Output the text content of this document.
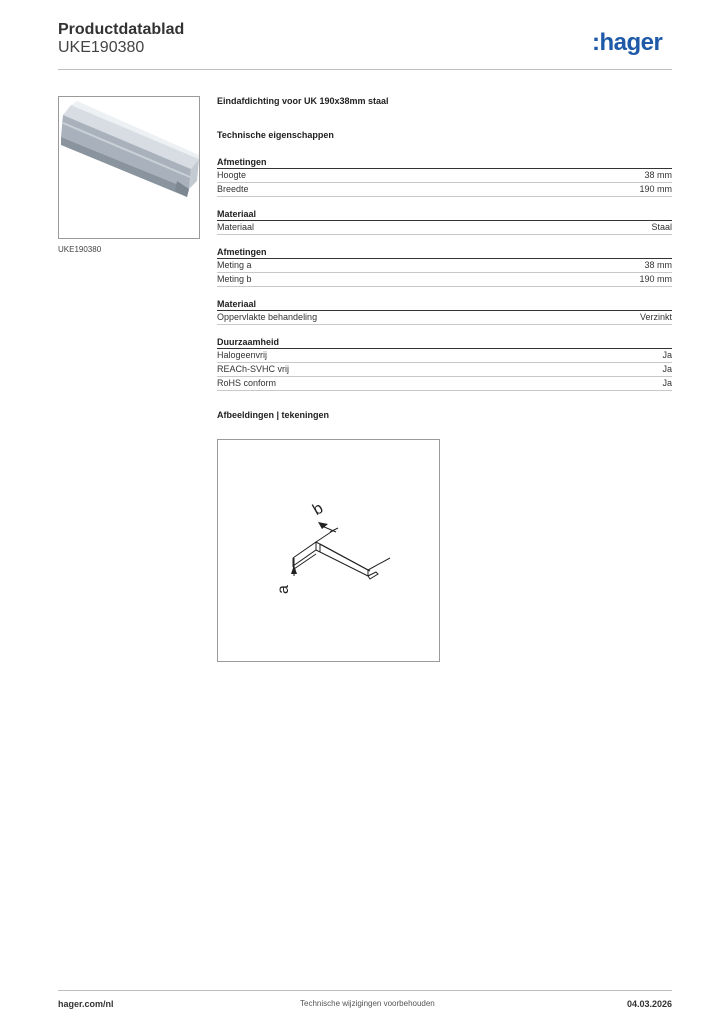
Productdatablad
UKE190380	:hager
UKE190380
Eindafdichting voor UK 190x38mm staal
Technische eigenschappen
Afmetingen
Hoogte	38 mm
Breedte	190 mm
Materiaal
Materiaal	Staal
Afmetingen
Meting a	38 mm
Meting b	190 mm
Materiaal
Oppervlakte behandeling	Verzinkt
Duurzaamheid
Halogeenvrij	Ja
REACh-SVHC vrij	Ja
RoHS conform	Ja
Afbeeldingen | tekeningen
a
b
hager.com/nl	Technische wijzigingen voorbehouden	04.03.2026
